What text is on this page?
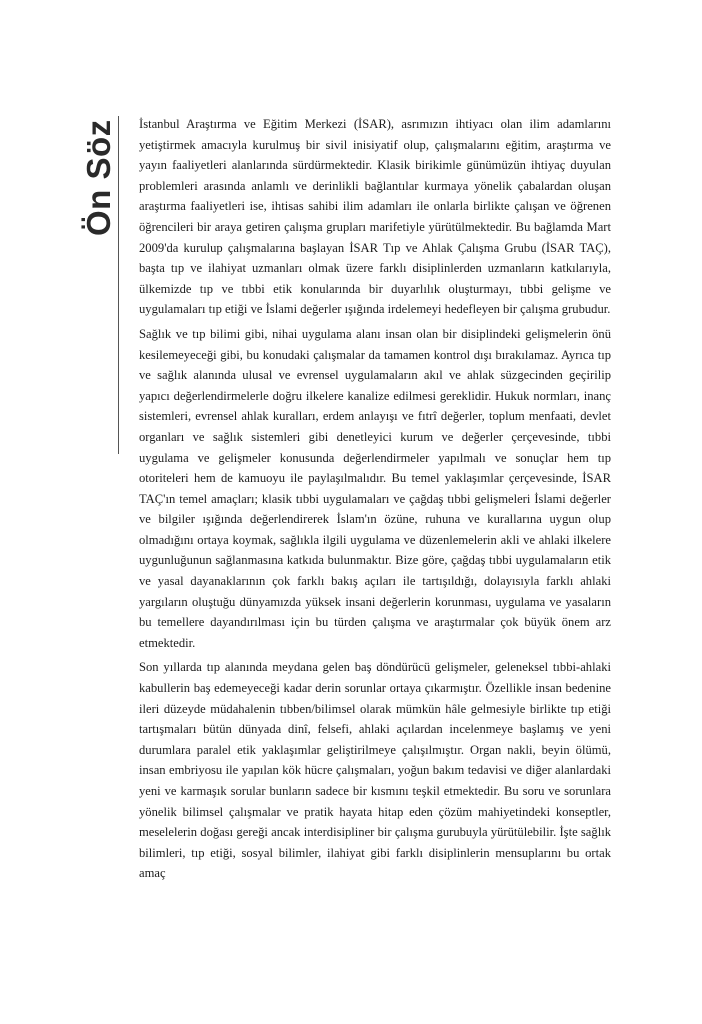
Ön Söz İstanbul Araştırma ve Eğitim Merkezi (İSAR), asrımızın ihtiyacı olan ilim adamlarını yetiştirmek amacıyla kurulmuş bir sivil inisiyatif olup, çalışmalarını eğitim, araştırma ve yayın faaliyetleri alanlarında sürdürmektedir. Klasik birikimle günümüzün ihtiyaç duyulan problemleri arasında anlamlı ve derinlikli bağlantılar kurmaya yönelik çabalardan oluşan araştırma faaliyetleri ise, ihtisas sahibi ilim adamları ile onlarla birlikte çalışan ve öğrenen öğrencileri bir araya getiren çalışma grupları marifetiyle yürütülmektedir. Bu bağlamda Mart 2009'da kurulup çalışmalarına başlayan İSAR Tıp ve Ahlak Çalışma Grubu (İSAR TAÇ), başta tıp ve ilahiyat uzmanları olmak üzere farklı disiplinlerden uzmanların katkılarıyla, ülkemizde tıp ve tıbbi etik konularında bir duyarlılık oluşturmayı, tıbbi gelişme ve uygulamaları tıp etiği ve İslami değerler ışığında irdelemeyi hedefleyen bir çalışma grubudur.

Sağlık ve tıp bilimi gibi, nihai uygulama alanı insan olan bir disiplindeki gelişmelerin önü kesilemeyeceği gibi, bu konudaki çalışmalar da tamamen kontrol dışı bırakılamaz. Ayrıca tıp ve sağlık alanında ulusal ve evrensel uygulamaların akıl ve ahlak süzgecinden geçirilip yapıcı değerlendirmelerle doğru ilkelere kanalize edilmesi gereklidir. Hukuk normları, inanç sistemleri, evrensel ahlak kuralları, erdem anlayışı ve fıtrî değerler, toplum menfaati, devlet organları ve sağlık sistemleri gibi denetleyici kurum ve değerler çerçevesinde, tıbbi uygulama ve gelişmeler konusunda değerlendirmeler yapılmalı ve sonuçlar hem tıp otoriteleri hem de kamuoyu ile paylaşılmalıdır. Bu temel yaklaşımlar çerçevesinde, İSAR TAÇ'ın temel amaçları; klasik tıbbi uygulamaları ve çağdaş tıbbi gelişmeleri İslami değerler ve bilgiler ışığında değerlendirerek İslam'ın özüne, ruhuna ve kurallarına uygun olup olmadığını ortaya koymak, sağlıkla ilgili uygulama ve düzenlemelerin akli ve ahlaki ilkelere uygunluğunun sağlanmasına katkıda bulunmaktır. Bize göre, çağdaş tıbbi uygulamaların etik ve yasal dayanaklarının çok farklı bakış açıları ile tartışıldığı, dolayısıyla farklı ahlaki yargıların oluştuğu dünyamızda yüksek insani değerlerin korunması, uygulama ve yasaların bu temellere dayandırılması için bu türden çalışma ve araştırmalar çok büyük önem arz etmektedir.

Son yıllarda tıp alanında meydana gelen baş döndürücü gelişmeler, geleneksel tıbbi-ahlaki kabullerin baş edemeyeceği kadar derin sorunlar ortaya çıkarmıştır. Özellikle insan bedenine ileri düzeyde müdahalenin tıbben/bilimsel olarak mümkün hâle gelmesiyle birlikte tıp etiği tartışmaları bütün dünyada dinî, felsefi, ahlaki açılardan incelenmeye başlamış ve yeni durumlara paralel etik yaklaşımlar geliştirilmeye çalışılmıştır. Organ nakli, beyin ölümü, insan embriyosu ile yapılan kök hücre çalışmaları, yoğun bakım tedavisi ve diğer alanlardaki yeni ve karmaşık sorular bunların sadece bir kısmını teşkil etmektedir. Bu soru ve sorunlara yönelik bilimsel çalışmalar ve pratik hayata hitap eden çözüm mahiyetindeki konseptler, meselelerin doğası gereği ancak interdisipliner bir çalışma gurubuyla yürütülebilir. İşte sağlık bilimleri, tıp etiği, sosyal bilimler, ilahiyat gibi farklı disiplinlerin mensuplarını bu ortak amaç
